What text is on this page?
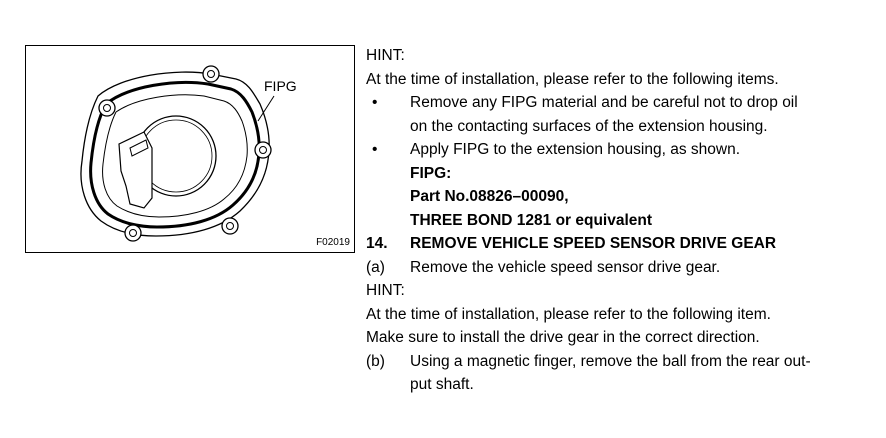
FIPG
F02019
HINT:
At the time of installation, please refer to the following items.
•	Remove any FIPG material and be careful not to drop oil
on the contacting surfaces of the extension housing.
•	Apply FIPG to the extension housing, as shown.
FIPG:
Part No.08826–00090,
THREE BOND 1281 or equivalent
14.	REMOVE VEHICLE SPEED SENSOR DRIVE GEAR
(a)	Remove the vehicle speed sensor drive gear.
HINT:
At the time of installation, please refer to the following item.
Make sure to install the drive gear in the correct direction.
(b)	Using a magnetic finger, remove the ball from the rear out-
put shaft.
